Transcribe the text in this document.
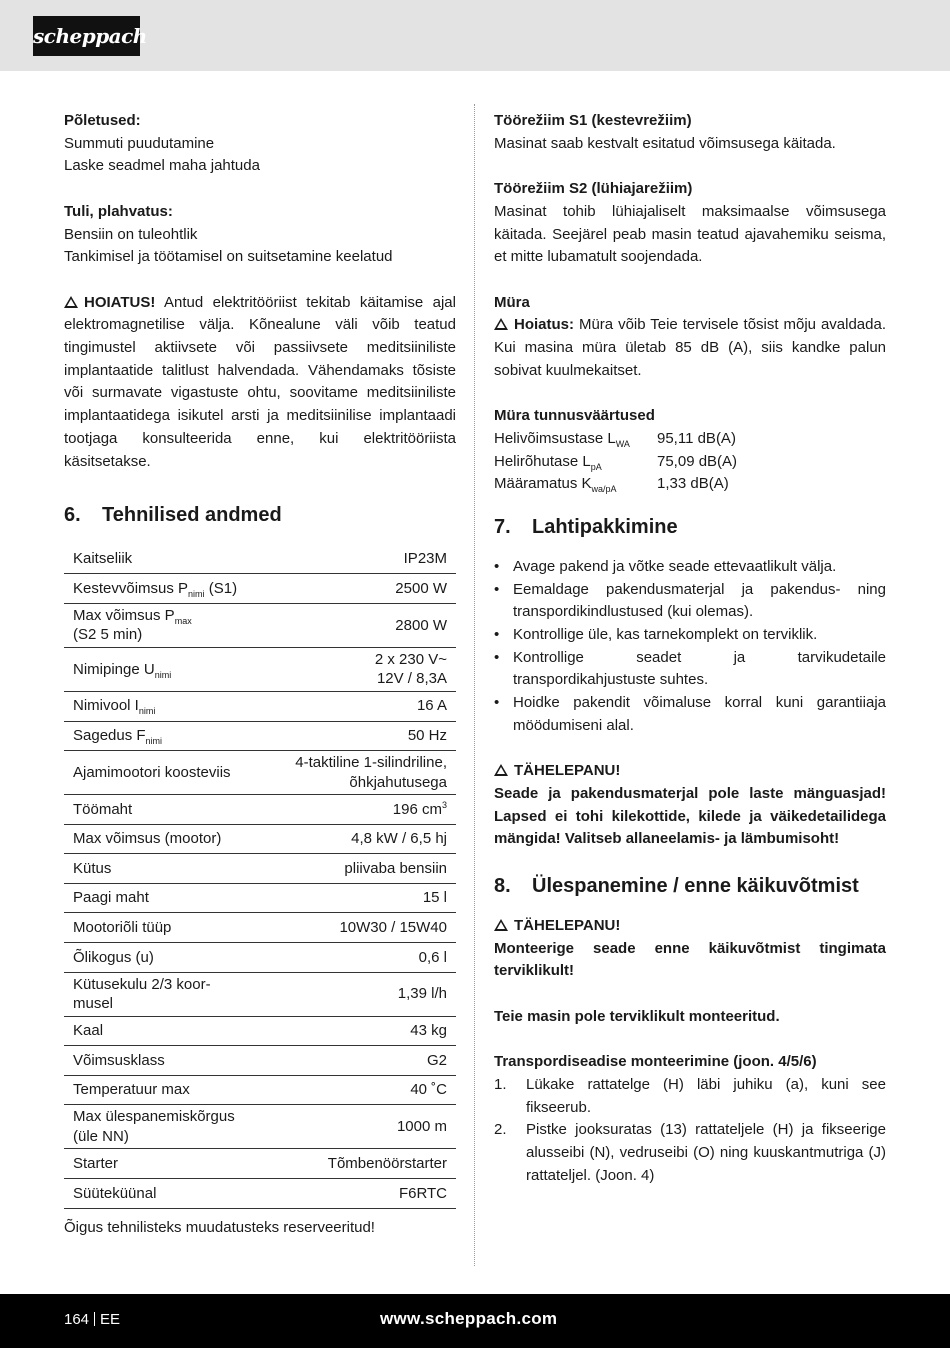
scheppach

Põletused:

Summuti puudutamine

Laske seadmel maha jahtuda

Tuli, plahvatus:

Bensiin on tuleohtlik

Tankimisel ja töötamisel on suitsetamine keelatud

HOIATUS! Antud elektritööriist tekitab käitamise ajal elektromagnetilise välja. Kõnealune väli võib teatud tingimustel aktiivsete või passiivsete meditsiiniliste implantaatide talitlust halvendada. Vähendamaks tõsiste või surmavate vigastuste ohtu, soovitame meditsiiniliste implantaatidega isikutel arsti ja meditsiinilise implantaadi tootjaga konsulteerida enne, kui elektritööriista käsitsetakse.

6. Tehnilised andmed

Kaitseliik	IP23M
Kestevvõimsus $P_{nimi}$ (S1)	2500 W
Max võimsus $P_{max}$
(S2 5 min)	2800 W
Nimipinge $U_{nimi}$	2 x 230 V~
12V / 8,3A
Nimivool $I_{nimi}$	16 A
Sagedus $F_{nimi}$	50 Hz
Ajamimootori koosteviis	4-taktiline 1-silindriline,
õhkjahutusega
Töömaht	196 $cm^3$
Max võimsus (mootor)	4,8 kW / 6,5 hj
Kütus	pliivaba bensiin
Paagi maht	15 l
Mootoriõli tüüp	10W30 / 15W40
Õlikogus (u)	0,6 l
Kütusekulu 2/3 koor-
musel	1,39 l/h
Kaal	43 kg
Võimsusklass	G2
Temperatuur max	40 ˚C
Max ülespanemiskõrgus
(üle NN)	1000 m
Starter	Tõmbenöörstarter
Süüteküünal	F6RTC

Õigus tehnilisteks muudatusteks reserveeritud!

Töörežiim S1 (kestevrežiim)

Masinat saab kestvalt esitatud võimsusega käitada.

Töörežiim S2 (lühiajarežiim)

Masinat tohib lühiajaliselt maksimaalse võimsusega käitada. Seejärel peab masin teatud ajavahemiku seisma, et mitte lubamatult soojendada.

Müra

Hoiatus: Müra võib Teie tervisele tõsist mõju avaldada. Kui masina müra ületab 85 dB (A), siis kandke palun sobivat kuulmekaitset.

Müra tunnusväärtused

Helivõimsustase $L_{WA}$	95,11 dB(A)
Helirõhutase $L_{pA}$	75,09 dB(A)
Määramatus $K_{wa/pA}$	1,33 dB(A)

7. Lahtipakkimine

• Avage pakend ja võtke seade ettevaatlikult välja.
• Eemaldage pakendusmaterjal ja pakendus- ning transpordikindlustused (kui olemas).
• Kontrollige üle, kas tarnekomplekt on terviklik.
• Kontrollige seadet ja tarvikudetaile transpordikahjustuste suhtes.
• Hoidke pakendit võimaluse korral kuni garantiiaja möödumiseni alal.

TÄHELEPANU!

Seade ja pakendusmaterjal pole laste mänguasjad! Lapsed ei tohi kilekottide, kilede ja väikedetailidega mängida! Valitseb allaneelamis- ja lämbumisoht!

8. Ülespanemine / enne käikuvõtmist

TÄHELEPANU!

Monteerige seade enne käikuvõtmist tingimata terviklikult!

Teie masin pole terviklikult monteeritud.

Transpordiseadise monteerimine (joon. 4/5/6)

1. Lükake rattatelge (H) läbi juhiku (a), kuni see fikseerub.
2. Pistke jooksuratas (13) rattateljele (H) ja fikseerige alusseibi (N), vedruseibi (O) ning kuuskantmutriga (J) rattateljel. (Joon. 4)
164 EE	www.scheppach.com
